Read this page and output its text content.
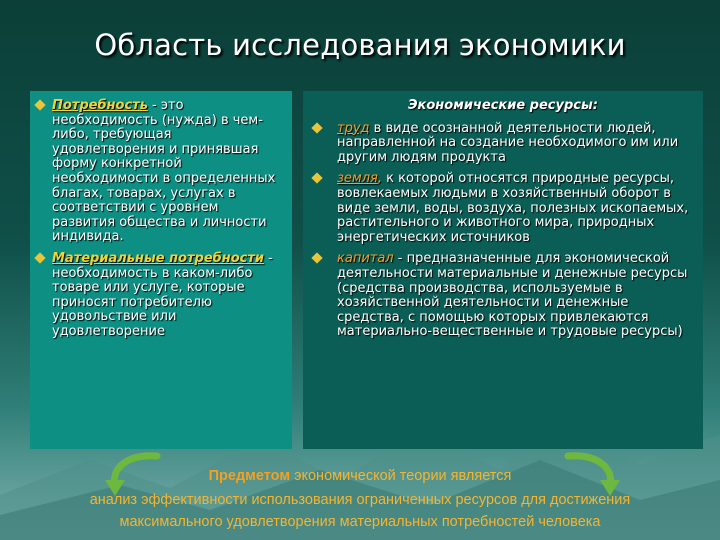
Область исследования экономики
Потребность - это необходимость (нужда) в чем-либо, требующая удовлетворения и принявшая форму конкретной необходимости в определенных благах, товарах, услугах в соответствии с уровнем развития общества и личности индивида.
Материальные потребности - необходимость в каком-либо товаре или услуге, которые приносят потребителю удовольствие или удовлетворение
Экономические ресурсы:
труд в виде осознанной деятельности людей, направленной на создание необходимого им или другим людям продукта
земля, к которой относятся природные ресурсы, вовлекаемых людьми в хозяйственный оборот в виде земли, воды, воздуха, полезных ископаемых, растительного и животного мира, природных энергетических источников
капитал - предназначенные для экономической деятельности материальные и денежные ресурсы (средства производства, используемые в хозяйственной деятельности и денежные средства, с помощью которых привлекаются материально-вещественные и трудовые ресурсы)
Предметом экономической теории является
анализ эффективности использования ограниченных ресурсов для достижения
максимального удовлетворения материальных потребностей человека
